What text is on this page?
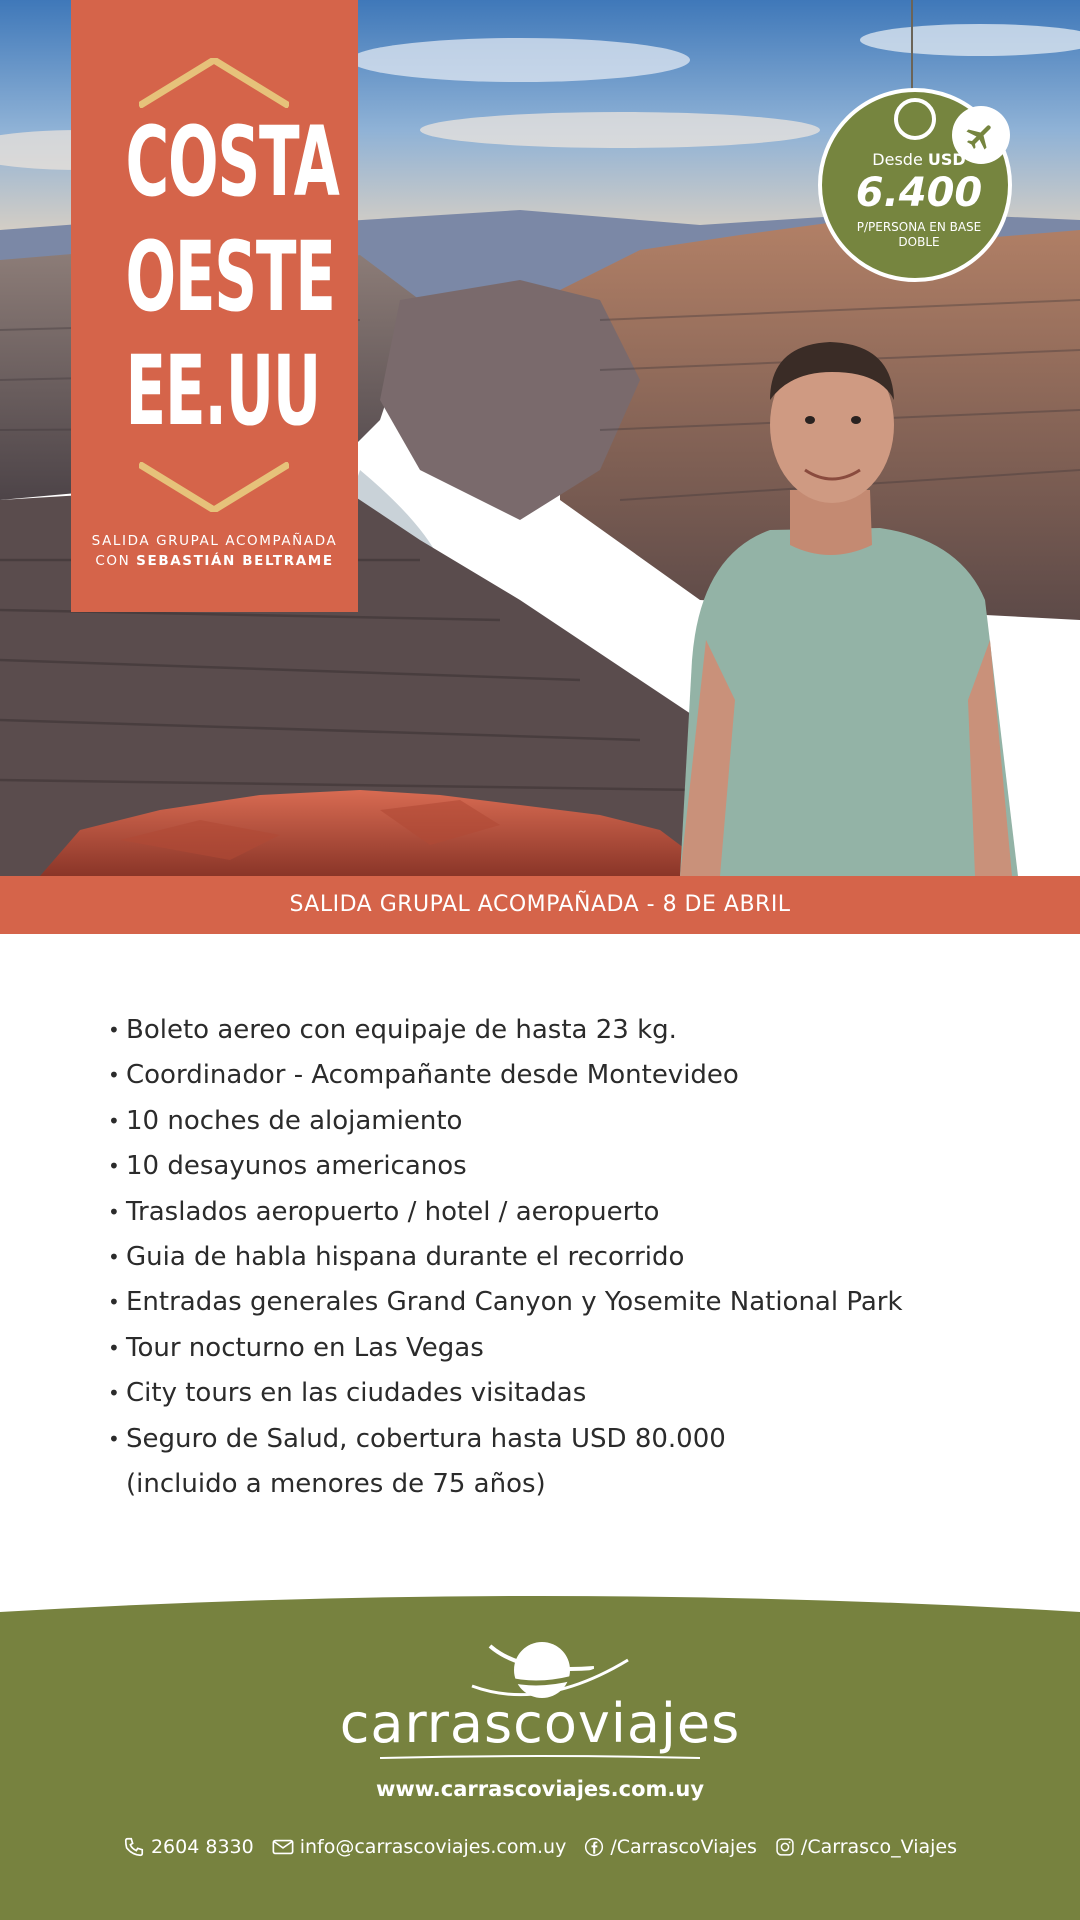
COSTA
OESTE
EE.UU
SALIDA GRUPAL ACOMPAÑADA
CON SEBASTIÁN BELTRAME
Desde USD
6.400
P/PERSONA EN BASE DOBLE
SALIDA GRUPAL ACOMPAÑADA - 8 DE ABRIL
• Boleto aereo con equipaje de hasta 23 kg.
• Coordinador - Acompañante desde Montevideo
• 10 noches de alojamiento
• 10 desayunos americanos
• Traslados aeropuerto / hotel / aeropuerto
• Guia de habla hispana durante el recorrido
• Entradas generales Grand Canyon y Yosemite National Park
• Tour nocturno en Las Vegas
• City tours en las ciudades visitadas
• Seguro de Salud, cobertura hasta USD 80.000
(incluido a menores de 75 años)
carrascoviajes
www.carrascoviajes.com.uy
2604 8330 info@carrascoviajes.com.uy /CarrascoViajes /Carrasco_Viajes
